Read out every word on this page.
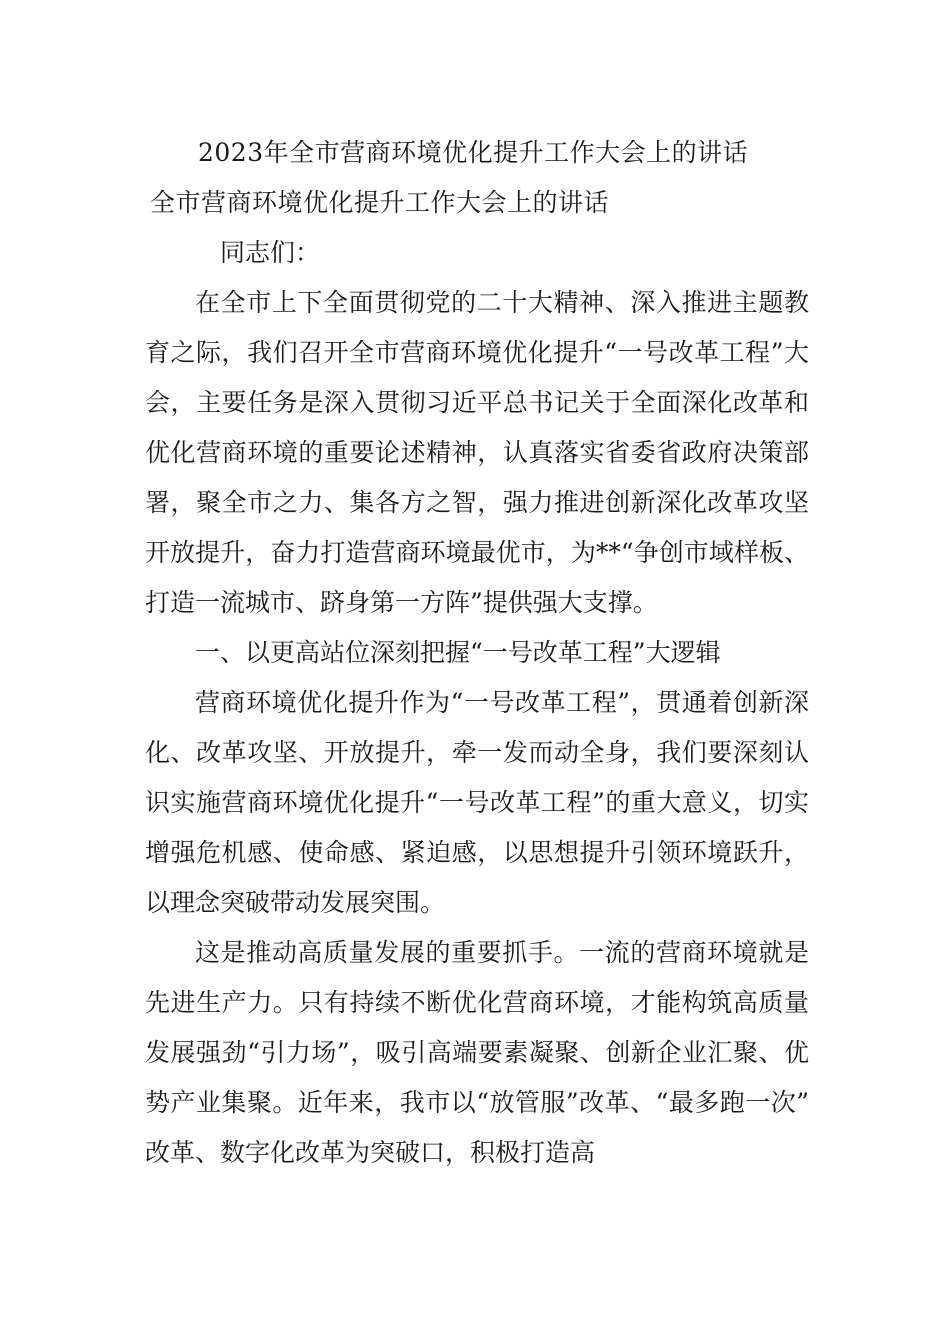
2023年全市营商环境优化提升工作大会上的讲话
全市营商环境优化提升工作大会上的讲话

同志们：

在全市上下全面贯彻党的二十大精神、深入推进主题教育之际，我们召开全市营商环境优化提升“一号改革工程”大会，主要任务是深入贯彻习近平总书记关于全面深化改革和优化营商环境的重要论述精神，认真落实省委省政府决策部署，聚全市之力、集各方之智，强力推进创新深化改革攻坚开放提升，奋力打造营商环境最优市，为**“争创市域样板、打造一流城市、跻身第一方阵”提供强大支撑。

一、以更高站位深刻把握“一号改革工程”大逻辑

营商环境优化提升作为“一号改革工程”，贯通着创新深化、改革攻坚、开放提升，牵一发而动全身，我们要深刻认识实施营商环境优化提升“一号改革工程”的重大意义，切实增强危机感、使命感、紧迫感，以思想提升引领环境跃升，以理念突破带动发展突围。

这是推动高质量发展的重要抓手。一流的营商环境就是先进生产力。只有持续不断优化营商环境，才能构筑高质量发展强劲“引力场”，吸引高端要素凝聚、创新企业汇聚、优势产业集聚。近年来，我市以“放管服”改革、“最多跑一次”改革、数字化改革为突破口，积极打造高
